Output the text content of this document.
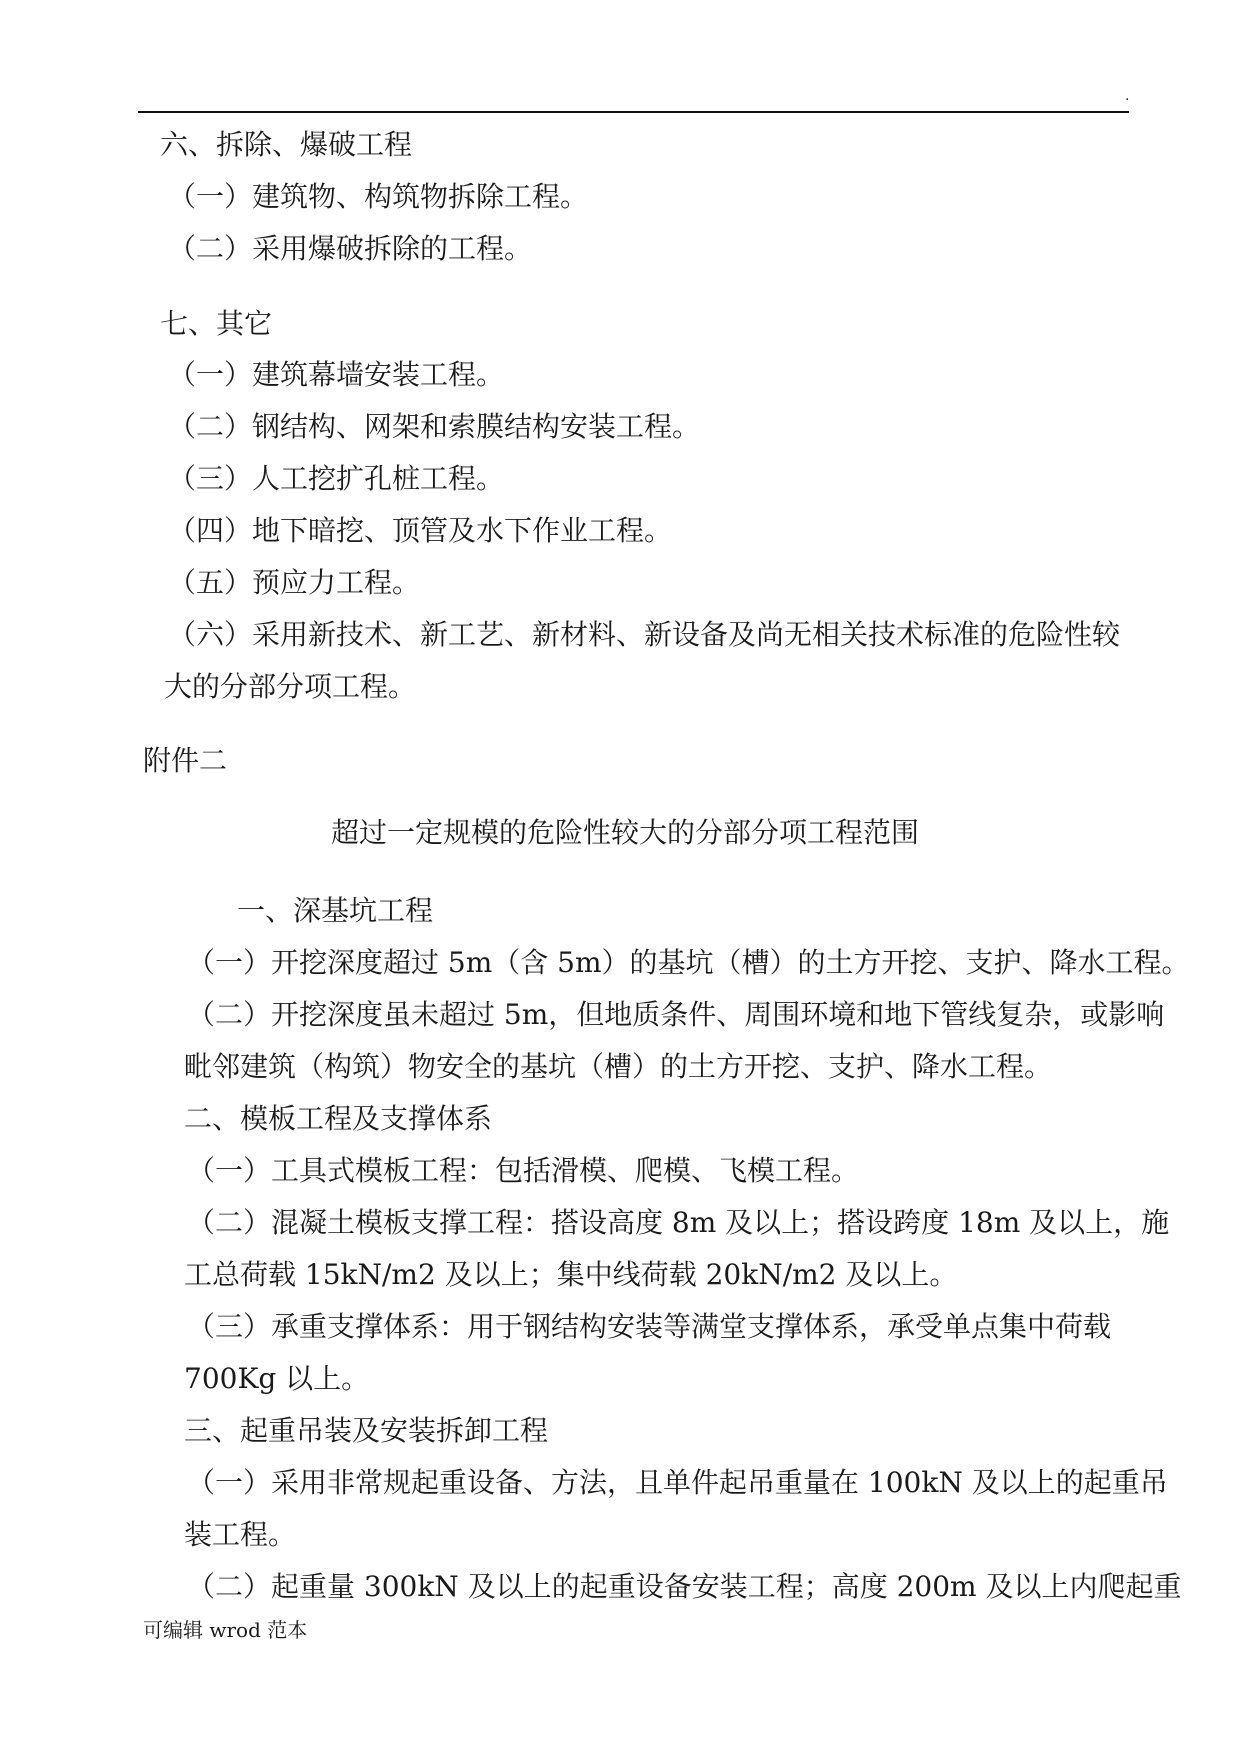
.
六、拆除、爆破工程
（一）建筑物、构筑物拆除工程。
（二）采用爆破拆除的工程。
七、其它
（一）建筑幕墙安装工程。
（二）钢结构、网架和索膜结构安装工程。
（三）人工挖扩孔桩工程。
（四）地下暗挖、顶管及水下作业工程。
（五）预应力工程。
（六）采用新技术、新工艺、新材料、新设备及尚无相关技术标准的危险性较
大的分部分项工程。
附件二
超过一定规模的危险性较大的分部分项工程范围
一、深基坑工程
（一）开挖深度超过 5m（含 5m）的基坑（槽）的土方开挖、支护、降水工程。
（二）开挖深度虽未超过 5m，但地质条件、周围环境和地下管线复杂，或影响
毗邻建筑（构筑）物安全的基坑（槽）的土方开挖、支护、降水工程。
二、模板工程及支撑体系
（一）工具式模板工程：包括滑模、爬模、飞模工程。
（二）混凝土模板支撑工程：搭设高度 8m 及以上；搭设跨度 18m 及以上，施
工总荷载 15kN/m2 及以上；集中线荷载 20kN/m2 及以上。
（三）承重支撑体系：用于钢结构安装等满堂支撑体系，承受单点集中荷载
700Kg 以上。
三、起重吊装及安装拆卸工程
（一）采用非常规起重设备、方法，且单件起吊重量在 100kN 及以上的起重吊
装工程。
（二）起重量 300kN 及以上的起重设备安装工程；高度 200m 及以上内爬起重
可编辑 wrod 范本
